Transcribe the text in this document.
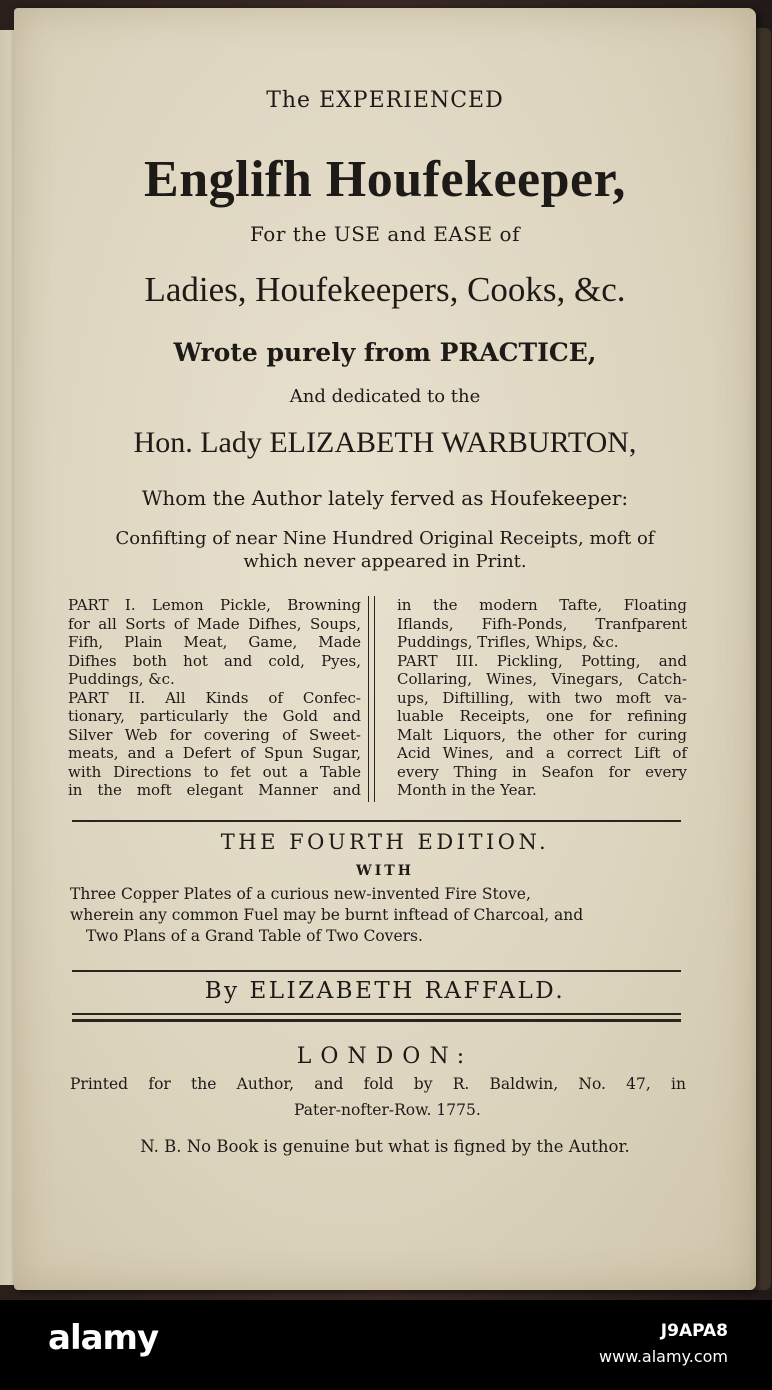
The EXPERIENCED
Englifh Houfekeeper,
For the USE and EASE of
Ladies, Houfekeepers, Cooks, &c.
Wrote purely from PRACTICE,
And dedicated to the
Hon. Lady ELIZABETH WARBURTON,
Whom the Author lately ferved as Houfekeeper:
Confifting of near Nine Hundred Original Receipts, moft of
which never appeared in Print.
PART I. Lemon Pickle, Browning
for all Sorts of Made Difhes, Soups,
Fifh, Plain Meat, Game, Made
Difhes both hot and cold, Pyes,
Puddings, &c.
PART II. All Kinds of Confec-
tionary, particularly the Gold and
Silver Web for covering of Sweet-
meats, and a Defert of Spun Sugar,
with Directions to fet out a Table
in the moft elegant Manner and
in the modern Tafte, Floating
Iflands, Fifh-Ponds, Tranfparent
Puddings, Trifles, Whips, &c.
PART III. Pickling, Potting, and
Collaring, Wines, Vinegars, Catch-
ups, Diftilling, with two moft va-
luable Receipts, one for refining
Malt Liquors, the other for curing
Acid Wines, and a correct Lift of
every Thing in Seafon for every
Month in the Year.
THE FOURTH EDITION.
WITH
Three Copper Plates of a curious new-invented Fire Stove,
wherein any common Fuel may be burnt inftead of Charcoal, and
Two Plans of a Grand Table of Two Covers.
By ELIZABETH RAFFALD.
LONDON:
Printed for the Author, and fold by R. Baldwin, No. 47, in
Pater-nofter-Row. 1775.
N. B. No Book is genuine but what is figned by the Author.
alamy	J9APA8
www.alamy.com
